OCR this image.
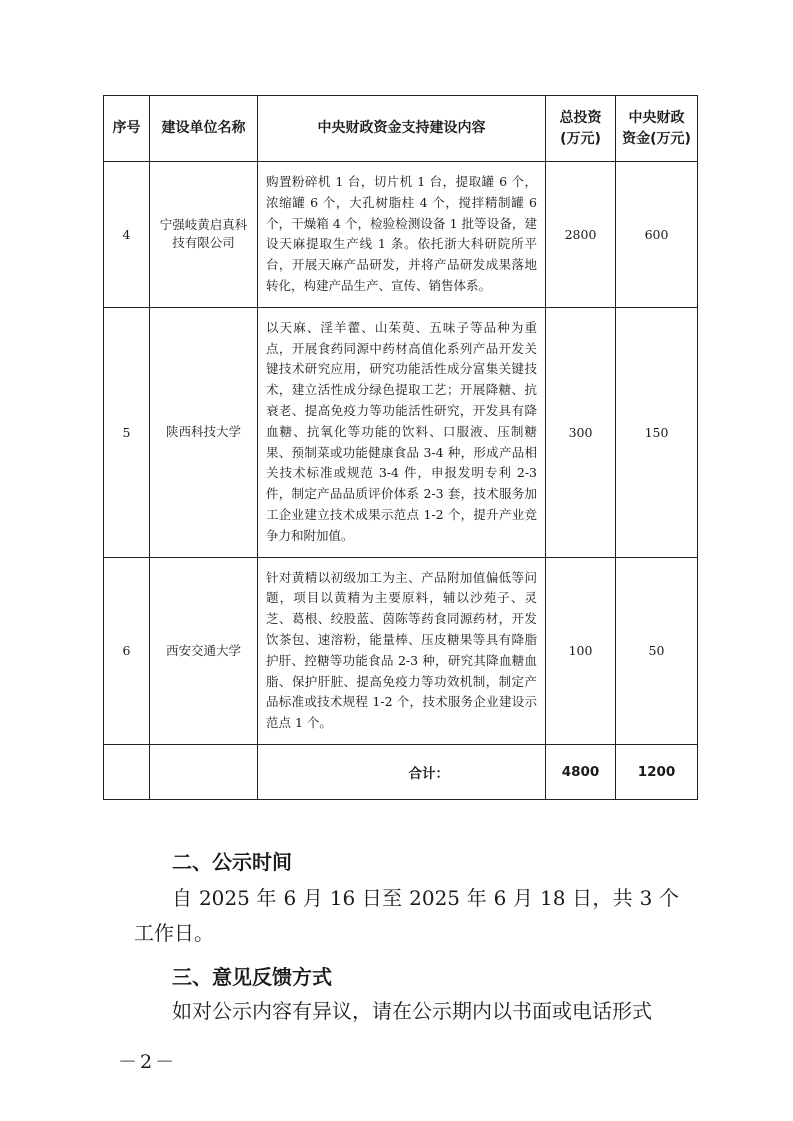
序号	建设单位名称	中央财政资金支持建设内容	总投资(万元)	中央财政资金(万元)
4	宁强岐黄启真科技有限公司	购置粉碎机 1 台，切片机 1 台，提取罐 6 个，浓缩罐 6 个，大孔树脂柱 4 个，搅拌精制罐 6 个，干燥箱 4 个，检验检测设备 1 批等设备，建设天麻提取生产线 1 条。依托浙大科研院所平台，开展天麻产品研发，并将产品研发成果落地转化，构建产品生产、宣传、销售体系。	2800	600
5	陕西科技大学	以天麻、淫羊藿、山茱萸、五味子等品种为重点，开展食药同源中药材高值化系列产品开发关键技术研究应用，研究功能活性成分富集关键技术，建立活性成分绿色提取工艺；开展降糖、抗衰老、提高免疫力等功能活性研究，开发具有降血糖、抗氧化等功能的饮料、口服液、压制糖果、预制菜或功能健康食品 3-4 种，形成产品相关技术标准或规范 3-4 件，申报发明专利 2-3 件，制定产品品质评价体系 2-3 套，技术服务加工企业建立技术成果示范点 1-2 个，提升产业竞争力和附加值。	300	150
6	西安交通大学	针对黄精以初级加工为主、产品附加值偏低等问题，项目以黄精为主要原料，辅以沙苑子、灵芝、葛根、绞股蓝、茵陈等药食同源药材，开发饮茶包、速溶粉，能量棒、压皮糖果等具有降脂护肝、控糖等功能食品 2-3 种，研究其降血糖血脂、保护肝脏、提高免疫力等功效机制，制定产品标准或技术规程 1-2 个，技术服务企业建设示范点 1 个。	100	50
		合计：	4800	1200
二、公示时间

自 2025 年 6 月 16 日至 2025 年 6 月 18 日，共 3 个工作日。

三、意见反馈方式

如对公示内容有异议，请在公示期内以书面或电话形式

－2－
